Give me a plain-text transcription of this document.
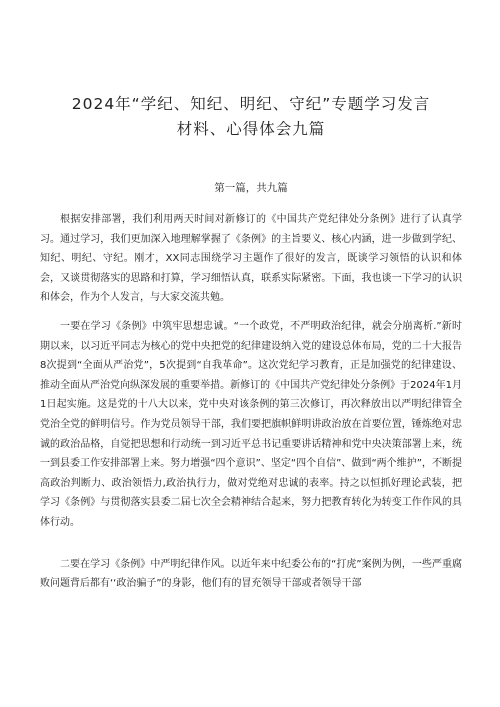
2024年“学纪、知纪、明纪、守纪”专题学习发言
材料、心得体会九篇
第一篇，共九篇

根据安排部署，我们利用两天时间对新修订的《中国共产党纪律处分条例》进行了认真学习。通过学习，我们更加深入地理解掌握了《条例》的主旨要义、核心内涵，进一步做到学纪、知纪、明纪、守纪。刚才，XX同志围绕学习主题作了很好的发言，既谈学习领悟的认识和体会，又谈贯彻落实的思路和打算，学习细悟认真，联系实际紧密。下面，我也谈一下学习的认识和体会，作为个人发言，与大家交流共勉。

一要在学习《条例》中筑牢思想忠诚。“一个政党，不严明政治纪律，就会分崩离析.”新时期以来，以习近平同志为核心的党中央把党的纪律建设纳入党的建设总体布局，党的二十大报告8次提到“全面从严治党”，5次提到“自我革命”。这次党纪学习教育，正是加强党的纪律建设、推动全面从严治党向纵深发展的重要举措。新修订的《中国共产党纪律处分条例》于2024年1月1日起实施。这是党的十八大以来，党中央对该条例的第三次修订，再次释放出以严明纪律管全党治全党的鲜明信号。作为党员领导干部，我们要把旗帜鲜明讲政治放在首要位置，锤炼绝对忠诚的政治品格，自觉把思想和行动统一到习近平总书记重要讲话精神和党中央决策部署上来，统一到县委工作安排部署上来。努力增强“四个意识”、坚定“四个自信”、做到“两个维护”，不断提高政治判断力、政治领悟力,政治执行力，做对党绝对忠诚的表率。持之以恒抓好理论武装，把学习《条例》与贯彻落实县委二届七次全会精神结合起来，努力把教育转化为转变工作作风的具体行动。

二要在学习《条例》中严明纪律作风。以近年来中纪委公布的“打虎”案例为例，一些严重腐败问题背后都有‘‘政治骗子”的身影，他们有的冒充领导干部或者领导干部
